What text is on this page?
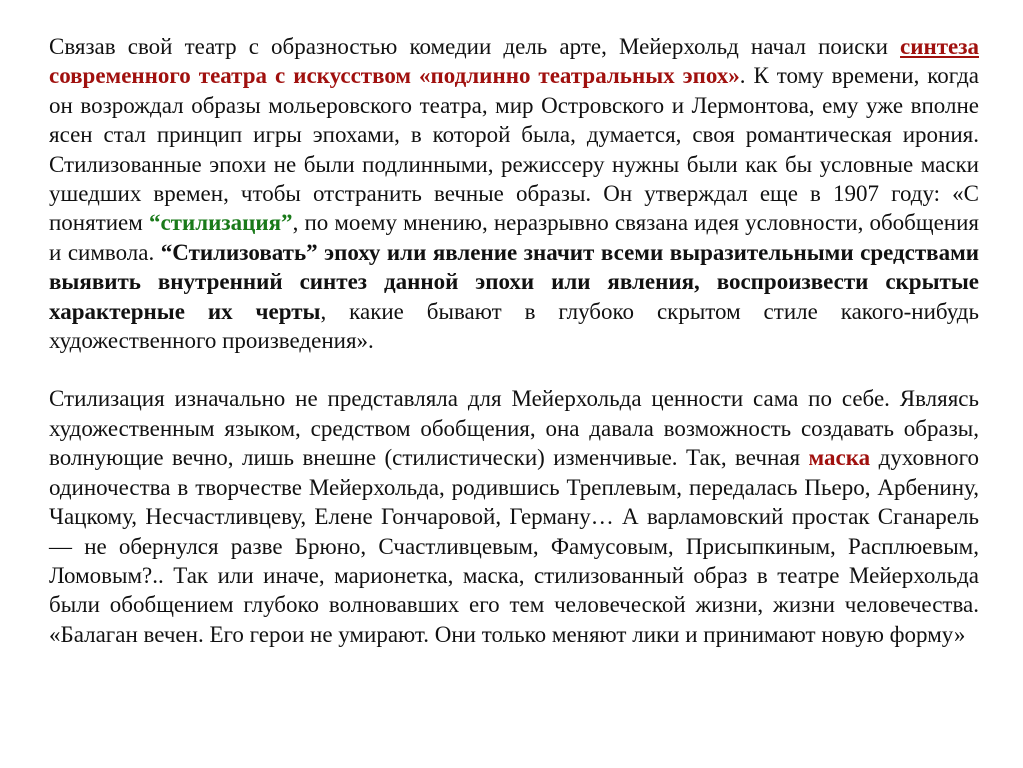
Связав свой театр с образностью комедии дель арте, Мейерхольд начал поиски синтеза современного театра с искусством «подлинно театральных эпох». К тому времени, когда он возрождал образы мольеровского театра, мир Островского и Лермонтова, ему уже вполне ясен стал принцип игры эпохами, в которой была, думается, своя романтическая ирония. Стилизованные эпохи не были подлинными, режиссеру нужны были как бы условные маски ушедших времен, чтобы отстранить вечные образы. Он утверждал еще в 1907 году: «С понятием “стилизация”, по моему мнению, неразрывно связана идея условности, обобщения и символа. “Стилизовать” эпоху или явление значит всеми выразительными средствами выявить внутренний синтез данной эпохи или явления, воспроизвести скрытые характерные их черты, какие бывают в глубоко скрытом стиле какого-нибудь художественного произведения».

Стилизация изначально не представляла для Мейерхольда ценности сама по себе. Являясь художественным языком, средством обобщения, она давала возможность создавать образы, волнующие вечно, лишь внешне (стилистически) изменчивые. Так, вечная маска духовного одиночества в творчестве Мейерхольда, родившись Треплевым, передалась Пьеро, Арбенину, Чацкому, Несчастливцеву, Елене Гончаровой, Герману… А варламовский простак Сганарель — не обернулся разве Брюно, Счастливцевым, Фамусовым, Присыпкиным, Расплюевым, Ломовым?.. Так или иначе, марионетка, маска, стилизованный образ в театре Мейерхольда были обобщением глубоко волновавших его тем человеческой жизни, жизни человечества. «Балаган вечен. Его герои не умирают. Они только меняют лики и принимают новую форму»
